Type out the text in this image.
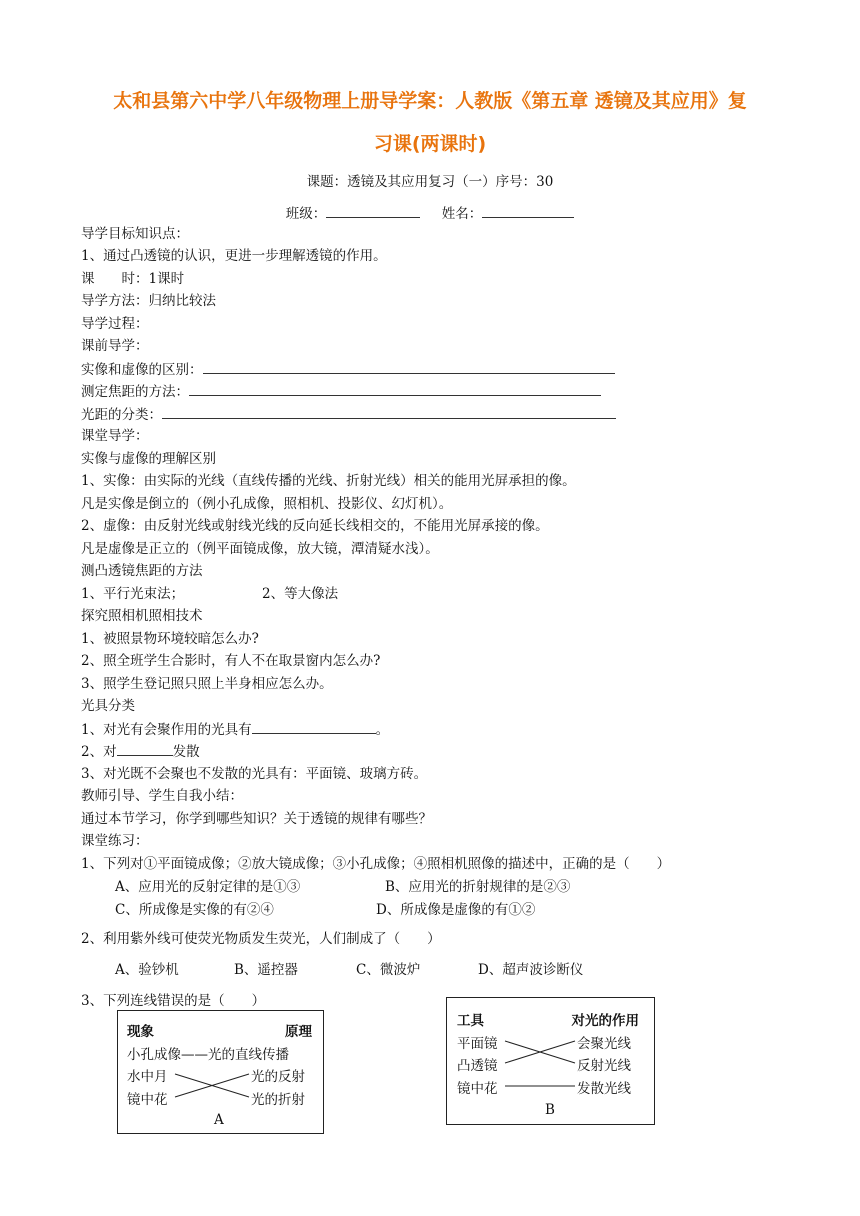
太和县第六中学八年级物理上册导学案：人教版《第五章 透镜及其应用》复
习课(两课时)
课题：透镜及其应用复习（一）序号：30
班级：	姓名：
导学目标知识点：
1、通过凸透镜的认识，更进一步理解透镜的作用。
课　　时：1课时
导学方法：归纳比较法
导学过程：
课前导学：
实像和虚像的区别：
测定焦距的方法：
光距的分类：
课堂导学：
实像与虚像的理解区别
1、实像：由实际的光线（直线传播的光线、折射光线）相关的能用光屏承担的像。
凡是实像是倒立的（例小孔成像，照相机、投影仪、幻灯机）。
2、虚像：由反射光线或射线光线的反向延长线相交的，不能用光屏承接的像。
凡是虚像是正立的（例平面镜成像，放大镜，潭清疑水浅）。
测凸透镜焦距的方法
1、平行光束法；	2、等大像法
探究照相机照相技术
1、被照景物环境较暗怎么办?
2、照全班学生合影时，有人不在取景窗内怎么办?
3、照学生登记照只照上半身相应怎么办。
光具分类
1、对光有会聚作用的光具有	。
2、对	发散
3、对光既不会聚也不发散的光具有：平面镜、玻璃方砖。
教师引导、学生自我小结：
通过本节学习，你学到哪些知识？关于透镜的规律有哪些？
课堂练习：
1、下列对①平面镜成像；②放大镜成像；③小孔成像；④照相机照像的描述中，正确的是（　　）
A、应用光的反射定律的是①③	B、应用光的折射规律的是②③
C、所成像是实像的有②④	D、所成像是虚像的有①②
2、利用紫外线可使荧光物质发生荧光，人们制成了（　　）
A、验钞机	B、遥控器	C、微波炉	D、超声波诊断仪
3、下列连线错误的是（　　）
现象	原理
小孔成像——光的直线传播
水中月	光的反射
镜中花	光的折射
A
工具	对光的作用
平面镜	会聚光线
凸透镜	反射光线
镜中花	发散光线
B
